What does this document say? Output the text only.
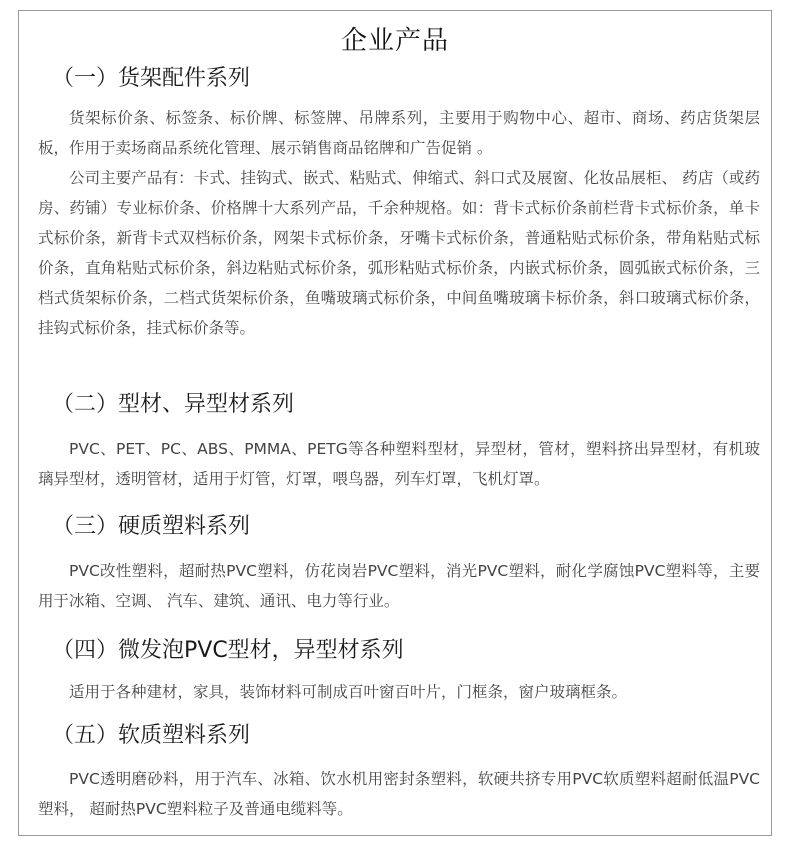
企业产品
（一）货架配件系列

货架标价条、标签条、标价牌、标签牌、吊牌系列，主要用于购物中心、超市、商场、药店货架层板，作用于卖场商品系统化管理、展示销售商品铭牌和广告促销 。

公司主要产品有：卡式、挂钩式、嵌式、粘贴式、伸缩式、斜口式及展窗、化妆品展柜、 药店（或药房、药铺）专业标价条、价格牌十大系列产品，千余种规格。如：背卡式标价条前栏背卡式标价条，单卡式标价条，新背卡式双档标价条，网架卡式标价条，牙嘴卡式标价条，普通粘贴式标价条，带角粘贴式标价条，直角粘贴式标价条，斜边粘贴式标价条，弧形粘贴式标价条，内嵌式标价条，圆弧嵌式标价条，三档式货架标价条，二档式货架标价条，鱼嘴玻璃式标价条，中间鱼嘴玻璃卡标价条，斜口玻璃式标价条，挂钩式标价条，挂式标价条等。

（二）型材、异型材系列

PVC、PET、PC、ABS、PMMA、PETG等各种塑料型材，异型材，管材，塑料挤出异型材，有机玻璃异型材，透明管材，适用于灯管，灯罩，喂鸟器，列车灯罩，飞机灯罩。

（三）硬质塑料系列

PVC改性塑料，超耐热PVC塑料，仿花岗岩PVC塑料，消光PVC塑料，耐化学腐蚀PVC塑料等，主要用于冰箱、空调、 汽车、建筑、通讯、电力等行业。

（四）微发泡PVC型材，异型材系列

适用于各种建材，家具，装饰材料可制成百叶窗百叶片，门框条，窗户玻璃框条。

（五）软质塑料系列

PVC透明磨砂料，用于汽车、冰箱、饮水机用密封条塑料，软硬共挤专用PVC软质塑料超耐低温PVC塑料， 超耐热PVC塑料粒子及普通电缆料等。
